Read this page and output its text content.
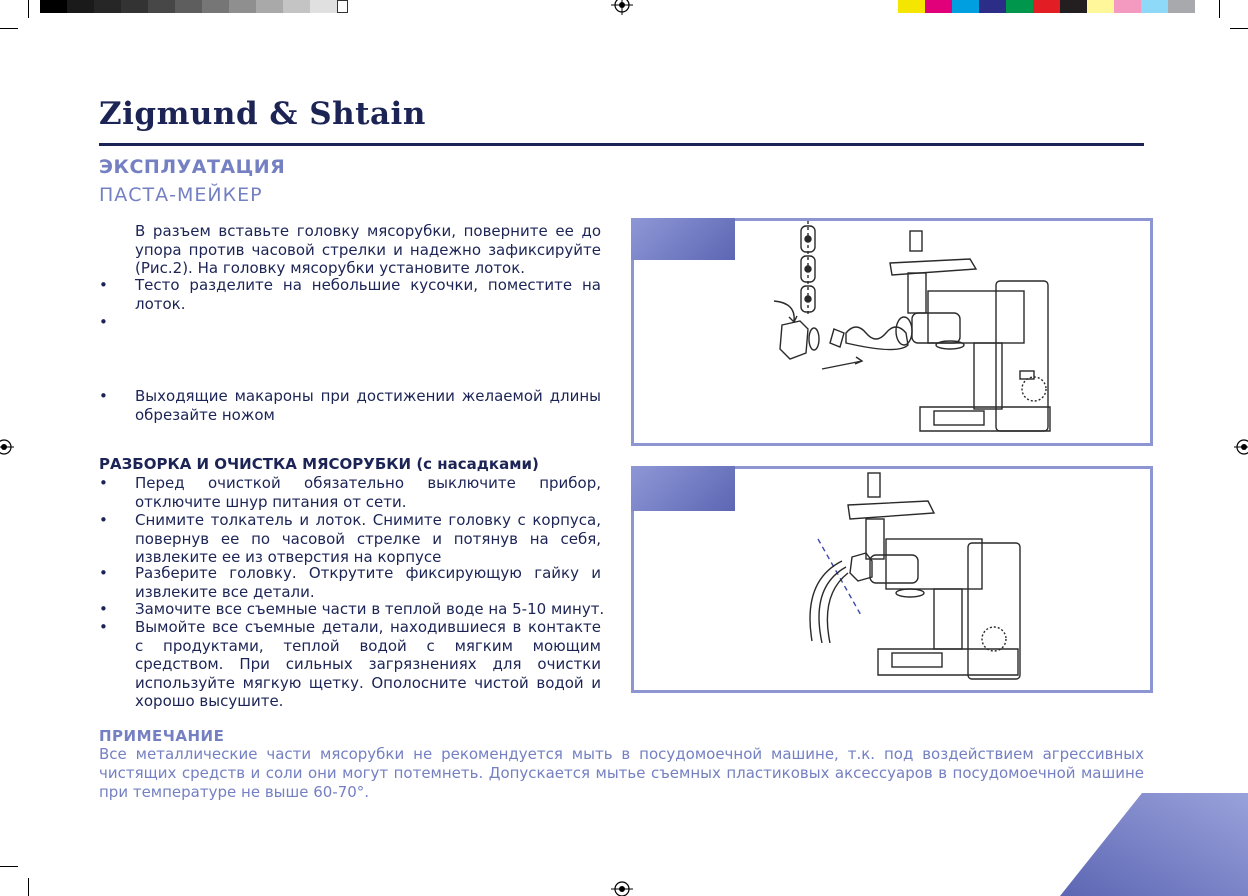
Zigmund & Shtain
ЭКСПЛУАТАЦИЯ
ПАСТА-МЕЙКЕР
В разъем вставьте головку мясорубки, поверните ее до упора против часовой стрелки и надежно зафиксируйте (Рис.2). На головку мясорубки установите лоток.
• Тесто разделите на небольшие кусочки, поместите на лоток.
•
• Выходящие макароны при достижении желаемой длины обрезайте ножом
РАЗБОРКА И ОЧИСТКА МЯСОРУБКИ (с насадками)
• Перед очисткой обязательно выключите прибор, отключите шнур питания от сети.
• Снимите толкатель и лоток. Снимите головку с корпуса, повернув ее по часовой стрелке и потянув на себя, извлеките ее из отверстия на корпусе
• Разберите головку. Открутите фиксирующую гайку и извлеките все детали.
• Замочите все съемные части в теплой воде на 5-10 минут.
• Вымойте все съемные детали, находившиеся в контакте с продуктами, теплой водой с мягким моющим средством. При сильных загрязнениях для очистки используйте мягкую щетку. Ополосните чистой водой и хорошо высушите.
ПРИМЕЧАНИЕ
Все металлические части мясорубки не рекомендуется мыть в посудомоечной машине, т.к. под воздействием агрессивных чистящих средств и соли они могут потемнеть. Допускается мытье съемных пластиковых аксессуаров в посудомоечной машине при температуре не выше 60-70°.
